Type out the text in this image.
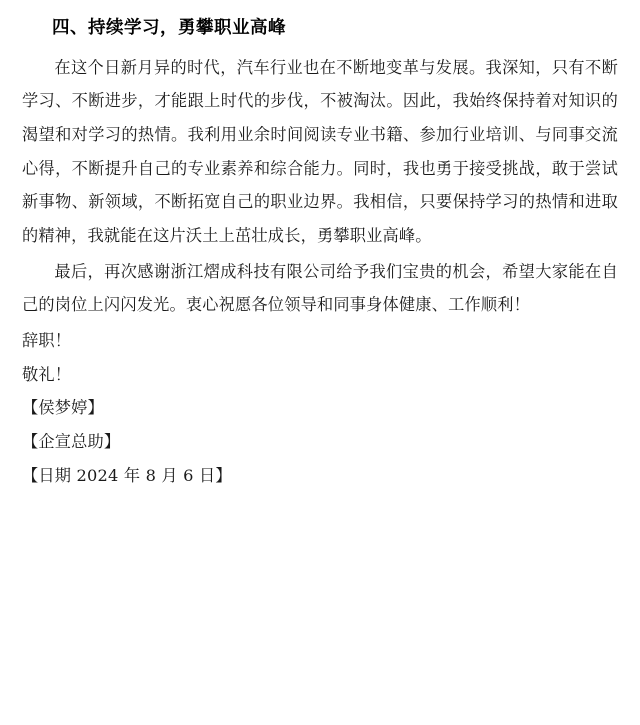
四、持续学习，勇攀职业高峰

在这个日新月异的时代，汽车行业也在不断地变革与发展。我深知，只有不断学习、不断进步，才能跟上时代的步伐，不被淘汰。因此，我始终保持着对知识的渴望和对学习的热情。我利用业余时间阅读专业书籍、参加行业培训、与同事交流心得，不断提升自己的专业素养和综合能力。同时，我也勇于接受挑战，敢于尝试新事物、新领域，不断拓宽自己的职业边界。我相信，只要保持学习的热情和进取的精神，我就能在这片沃土上茁壮成长，勇攀职业高峰。

最后，再次感谢浙江熠成科技有限公司给予我们宝贵的机会，希望大家能在自己的岗位上闪闪发光。衷心祝愿各位领导和同事身体健康、工作顺利！

辞职！

敬礼！

【侯梦婷】

【企宣总助】

【日期 2024 年 8 月 6 日】
